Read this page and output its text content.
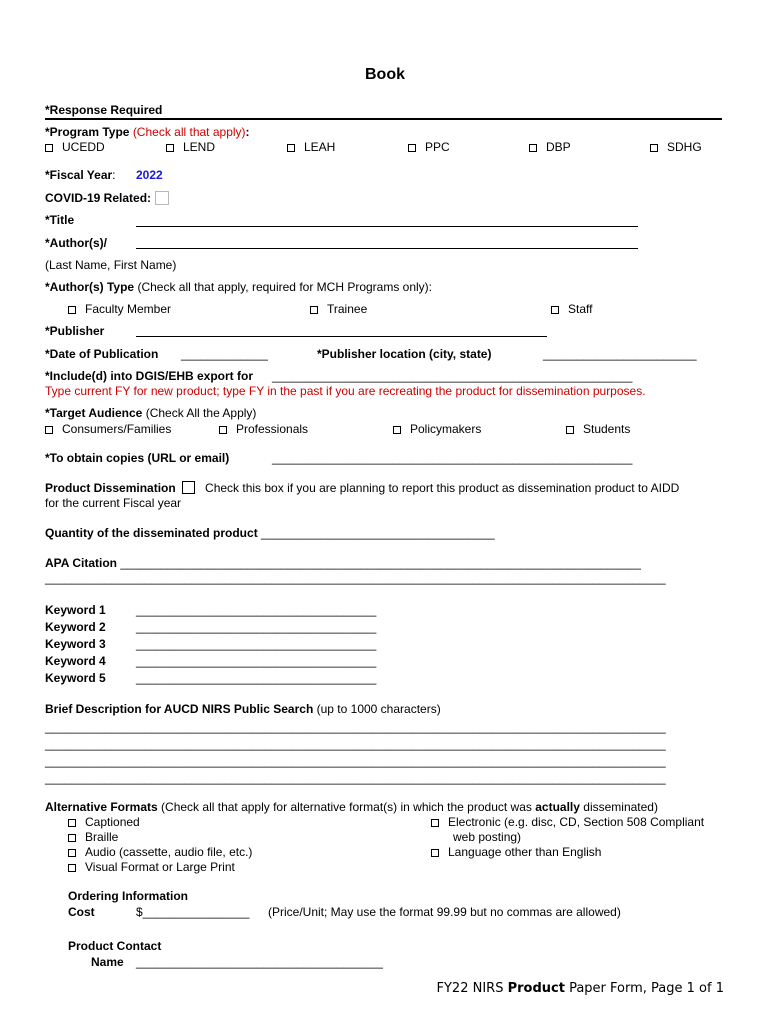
Book
*Response Required
*Program Type (Check all that apply):
UCEDD	LEND	LEAH	PPC	DBP	SDHG
*Fiscal Year: 2022
COVID-19 Related:
*Title
*Author(s)/
(Last Name, First Name)
*Author(s) Type (Check all that apply, required for MCH Programs only):
Faculty Member	Trainee	Staff
*Publisher
*Date of Publication _____________	*Publisher location (city, state)	_______________________
*Include(d) into DGIS/EHB export for ______________________________________________________
Type current FY for new product; type FY in the past if you are recreating the product for dissemination purposes.
*Target Audience (Check All the Apply)
Consumers/Families	Professionals	Policymakers	Students
*To obtain copies (URL or email)	______________________________________________________
Product Dissemination Check this box if you are planning to report this product as dissemination product to AIDD
for the current Fiscal year
Quantity of the disseminated product ___________________________________
APA Citation ______________________________________________________________________________
_____________________________________________________________________________________________
Keyword 1	____________________________________
Keyword 2	____________________________________
Keyword 3	____________________________________
Keyword 4	____________________________________
Keyword 5	____________________________________
Brief Description for AUCD NIRS Public Search (up to 1000 characters)
_____________________________________________________________________________________________
_____________________________________________________________________________________________
_____________________________________________________________________________________________
_____________________________________________________________________________________________
Alternative Formats (Check all that apply for alternative format(s) in which the product was actually disseminated)
Captioned
Braille
Audio (cassette, audio file, etc.)
Visual Format or Large Print
Electronic (e.g. disc, CD, Section 508 Compliant
web posting)
Language other than English
Ordering Information
Cost	$________________ (Price/Unit; May use the format 99.99 but no commas are allowed)
Product Contact
Name _____________________________________
FY22 NIRS Product Paper Form, Page 1 of 1
